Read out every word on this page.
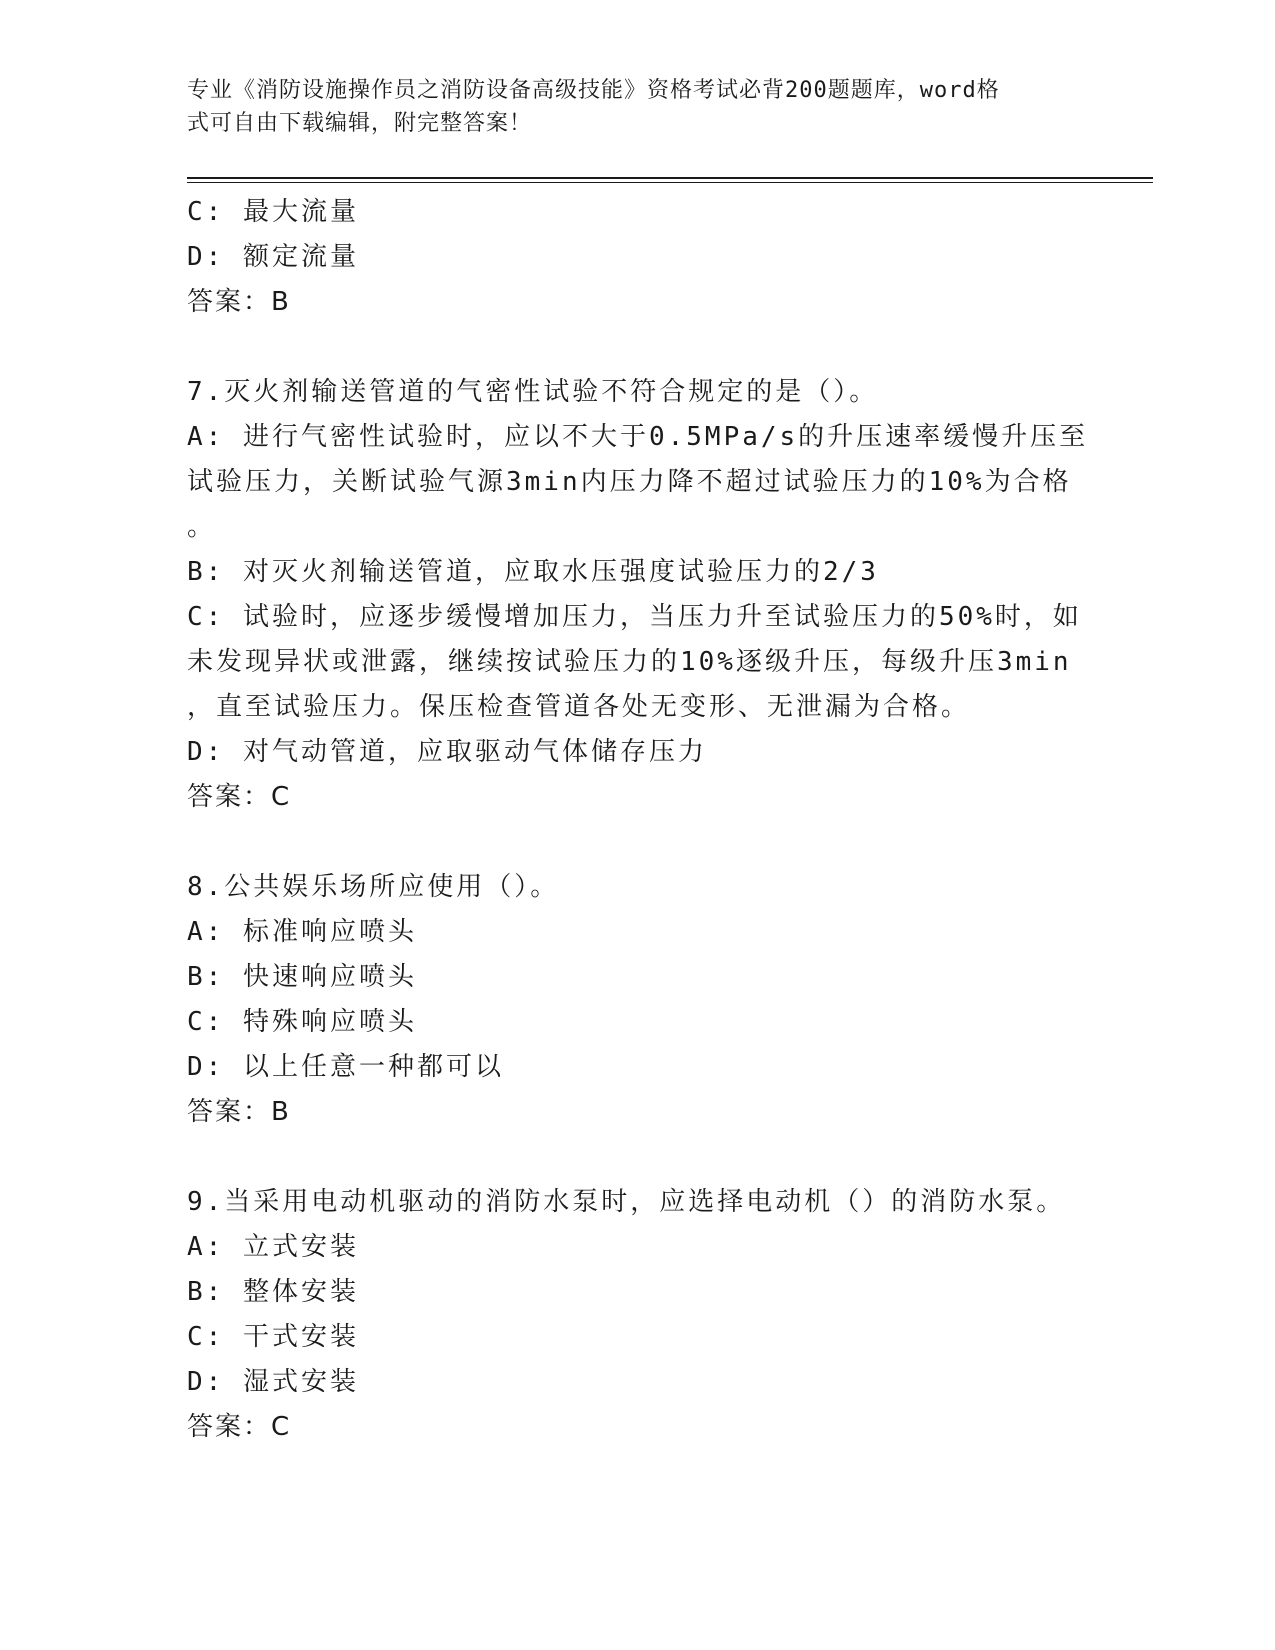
专业《消防设施操作员之消防设备高级技能》资格考试必背200题题库，word格
式可自由下载编辑，附完整答案！
C: 最大流量
D: 额定流量
答案：B
7.灭火剂输送管道的气密性试验不符合规定的是（）。
A: 进行气密性试验时，应以不大于0.5MPa/s的升压速率缓慢升压至
试验压力，关断试验气源3min内压力降不超过试验压力的10%为合格
。
B: 对灭火剂输送管道，应取水压强度试验压力的2/3
C: 试验时，应逐步缓慢增加压力，当压力升至试验压力的50%时，如
未发现异状或泄露，继续按试验压力的10%逐级升压，每级升压3min
，直至试验压力。保压检查管道各处无变形、无泄漏为合格。
D: 对气动管道，应取驱动气体储存压力
答案：C
8.公共娱乐场所应使用（）。
A: 标准响应喷头
B: 快速响应喷头
C: 特殊响应喷头
D: 以上任意一种都可以
答案：B
9.当采用电动机驱动的消防水泵时，应选择电动机（）的消防水泵。
A: 立式安装
B: 整体安装
C: 干式安装
D: 湿式安装
答案：C
